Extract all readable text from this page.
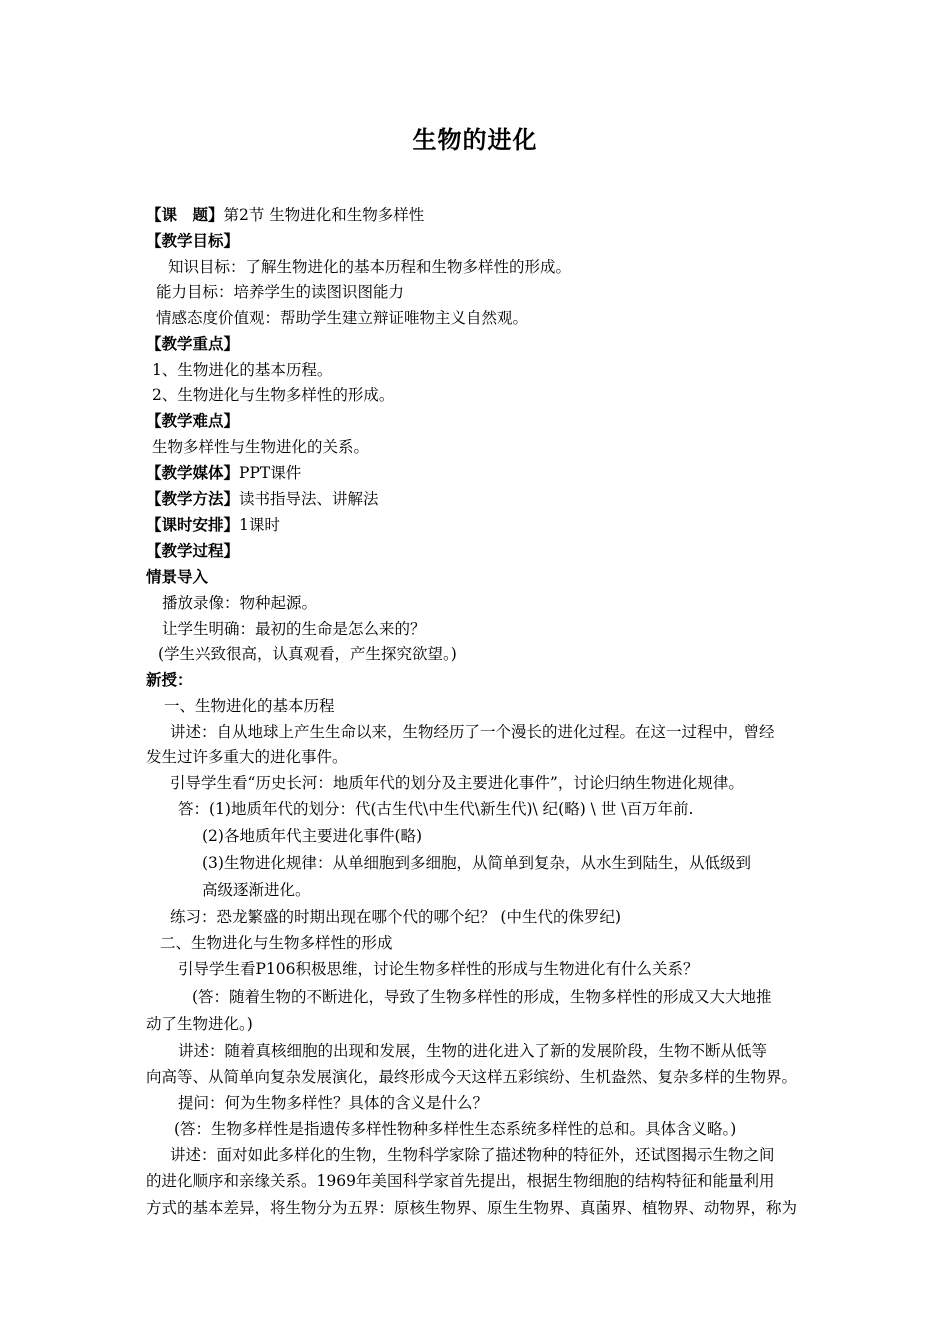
生物的进化
【课　题】第2节 生物进化和生物多样性
【教学目标】
知识目标：了解生物进化的基本历程和生物多样性的形成。
能力目标：培养学生的读图识图能力
情感态度价值观：帮助学生建立辩证唯物主义自然观。
【教学重点】
1、生物进化的基本历程。
2、生物进化与生物多样性的形成。
【教学难点】
生物多样性与生物进化的关系。
【教学媒体】PPT课件
【教学方法】读书指导法、讲解法
【课时安排】1课时
【教学过程】
情景导入
播放录像：物种起源。
让学生明确：最初的生命是怎么来的？
(学生兴致很高，认真观看，产生探究欲望。)
新授：
一、生物进化的基本历程
讲述：自从地球上产生生命以来，生物经历了一个漫长的进化过程。在这一过程中，曾经
发生过许多重大的进化事件。
引导学生看“历史长河：地质年代的划分及主要进化事件”，讨论归纳生物进化规律。
答：(1)地质年代的划分：代(古生代\中生代\新生代)\ 纪(略) \ 世 \百万年前.
(2)各地质年代主要进化事件(略)
(3)生物进化规律：从单细胞到多细胞，从简单到复杂，从水生到陆生，从低级到
高级逐渐进化。
练习：恐龙繁盛的时期出现在哪个代的哪个纪？ (中生代的侏罗纪)
二、生物进化与生物多样性的形成
引导学生看P106积极思维，讨论生物多样性的形成与生物进化有什么关系？
(答：随着生物的不断进化，导致了生物多样性的形成，生物多样性的形成又大大地推
动了生物进化。)
讲述：随着真核细胞的出现和发展，生物的进化进入了新的发展阶段，生物不断从低等
向高等、从简单向复杂发展演化，最终形成今天这样五彩缤纷、生机盎然、复杂多样的生物界。
提问：何为生物多样性？具体的含义是什么？
(答：生物多样性是指遗传多样性物种多样性生态系统多样性的总和。具体含义略。)
讲述：面对如此多样化的生物，生物科学家除了描述物种的特征外，还试图揭示生物之间
的进化顺序和亲缘关系。1969年美国科学家首先提出，根据生物细胞的结构特征和能量利用
方式的基本差异，将生物分为五界：原核生物界、原生生物界、真菌界、植物界、动物界，称为
